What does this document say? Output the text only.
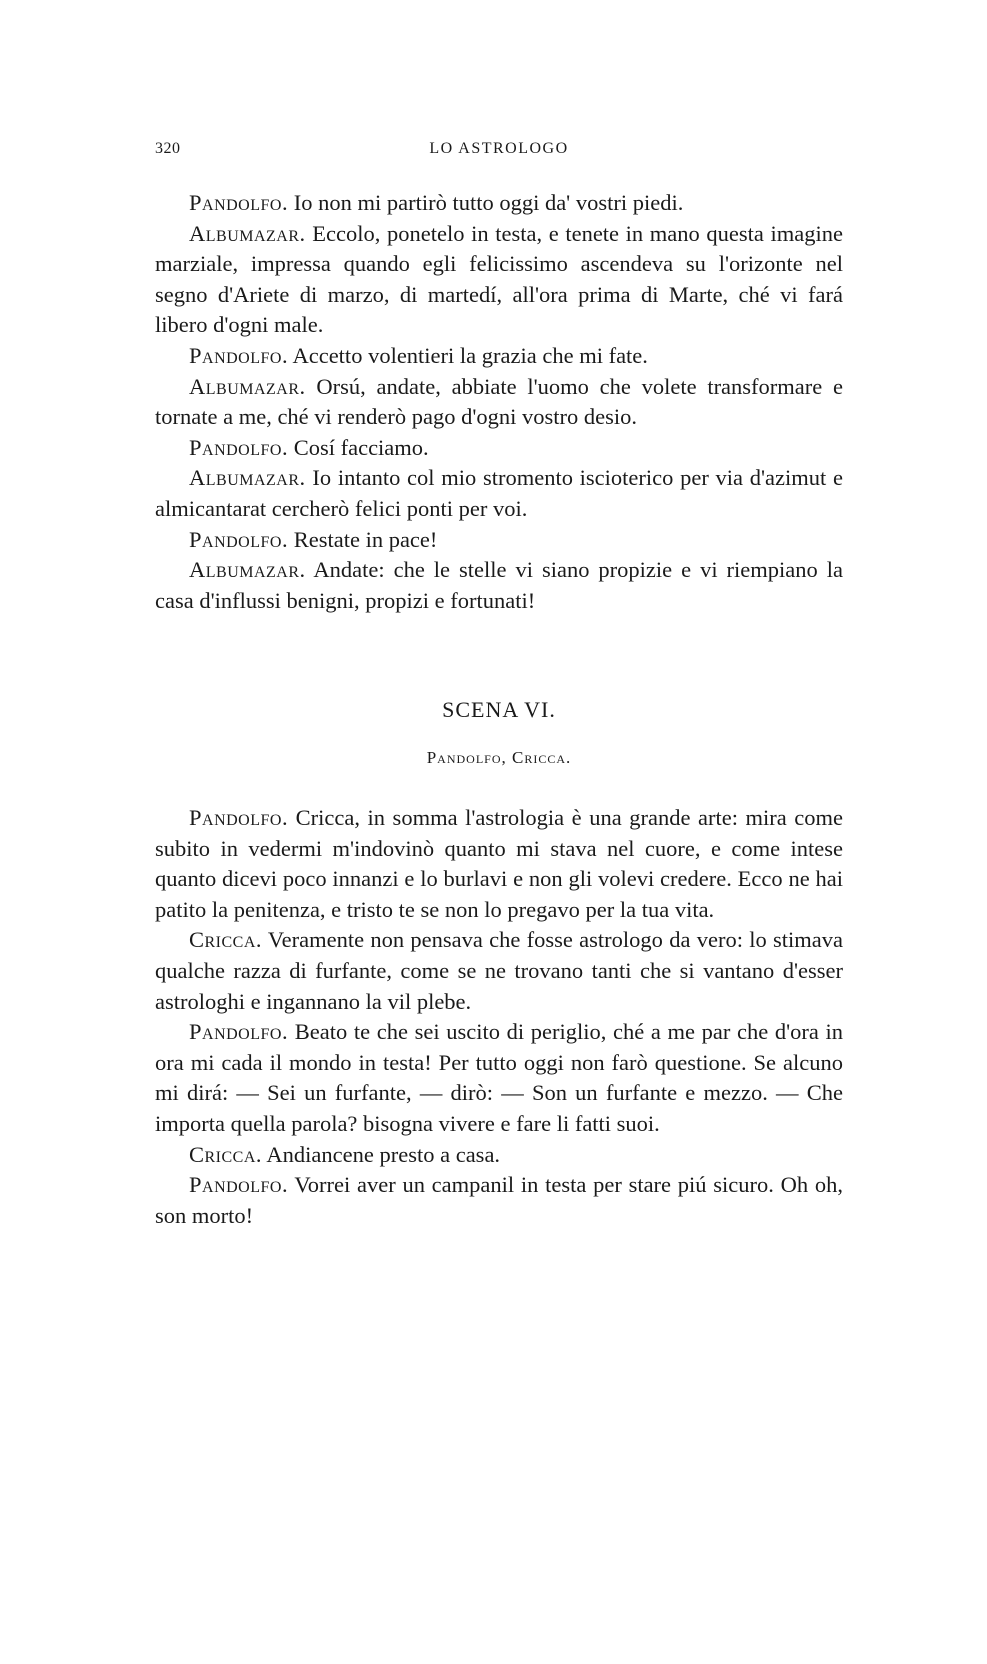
320	LO ASTROLOGO

Pandolfo. Io non mi partirò tutto oggi da' vostri piedi.

Albumazar. Eccolo, ponetelo in testa, e tenete in mano questa imagine marziale, impressa quando egli felicissimo ascendeva su l'orizonte nel segno d'Ariete di marzo, di martedí, all'ora prima di Marte, ché vi fará libero d'ogni male.

Pandolfo. Accetto volentieri la grazia che mi fate.

Albumazar. Orsú, andate, abbiate l'uomo che volete transformare e tornate a me, ché vi renderò pago d'ogni vostro desio.

Pandolfo. Cosí facciamo.

Albumazar. Io intanto col mio stromento iscioterico per via d'azimut e almicantarat cercherò felici ponti per voi.

Pandolfo. Restate in pace!

Albumazar. Andate: che le stelle vi siano propizie e vi riempiano la casa d'influssi benigni, propizi e fortunati!

SCENA VI.
Pandolfo, Cricca.

Pandolfo. Cricca, in somma l'astrologia è una grande arte: mira come subito in vedermi m'indovinò quanto mi stava nel cuore, e come intese quanto dicevi poco innanzi e lo burlavi e non gli volevi credere. Ecco ne hai patito la penitenza, e tristo te se non lo pregavo per la tua vita.

Cricca. Veramente non pensava che fosse astrologo da vero: lo stimava qualche razza di furfante, come se ne trovano tanti che si vantano d'esser astrologhi e ingannano la vil plebe.

Pandolfo. Beato te che sei uscito di periglio, ché a me par che d'ora in ora mi cada il mondo in testa! Per tutto oggi non farò questione. Se alcuno mi dirá: — Sei un furfante, — dirò: — Son un furfante e mezzo. — Che importa quella parola? bisogna vivere e fare li fatti suoi.

Cricca. Andiancene presto a casa.

Pandolfo. Vorrei aver un campanil in testa per stare piú sicuro. Oh oh, son morto!
